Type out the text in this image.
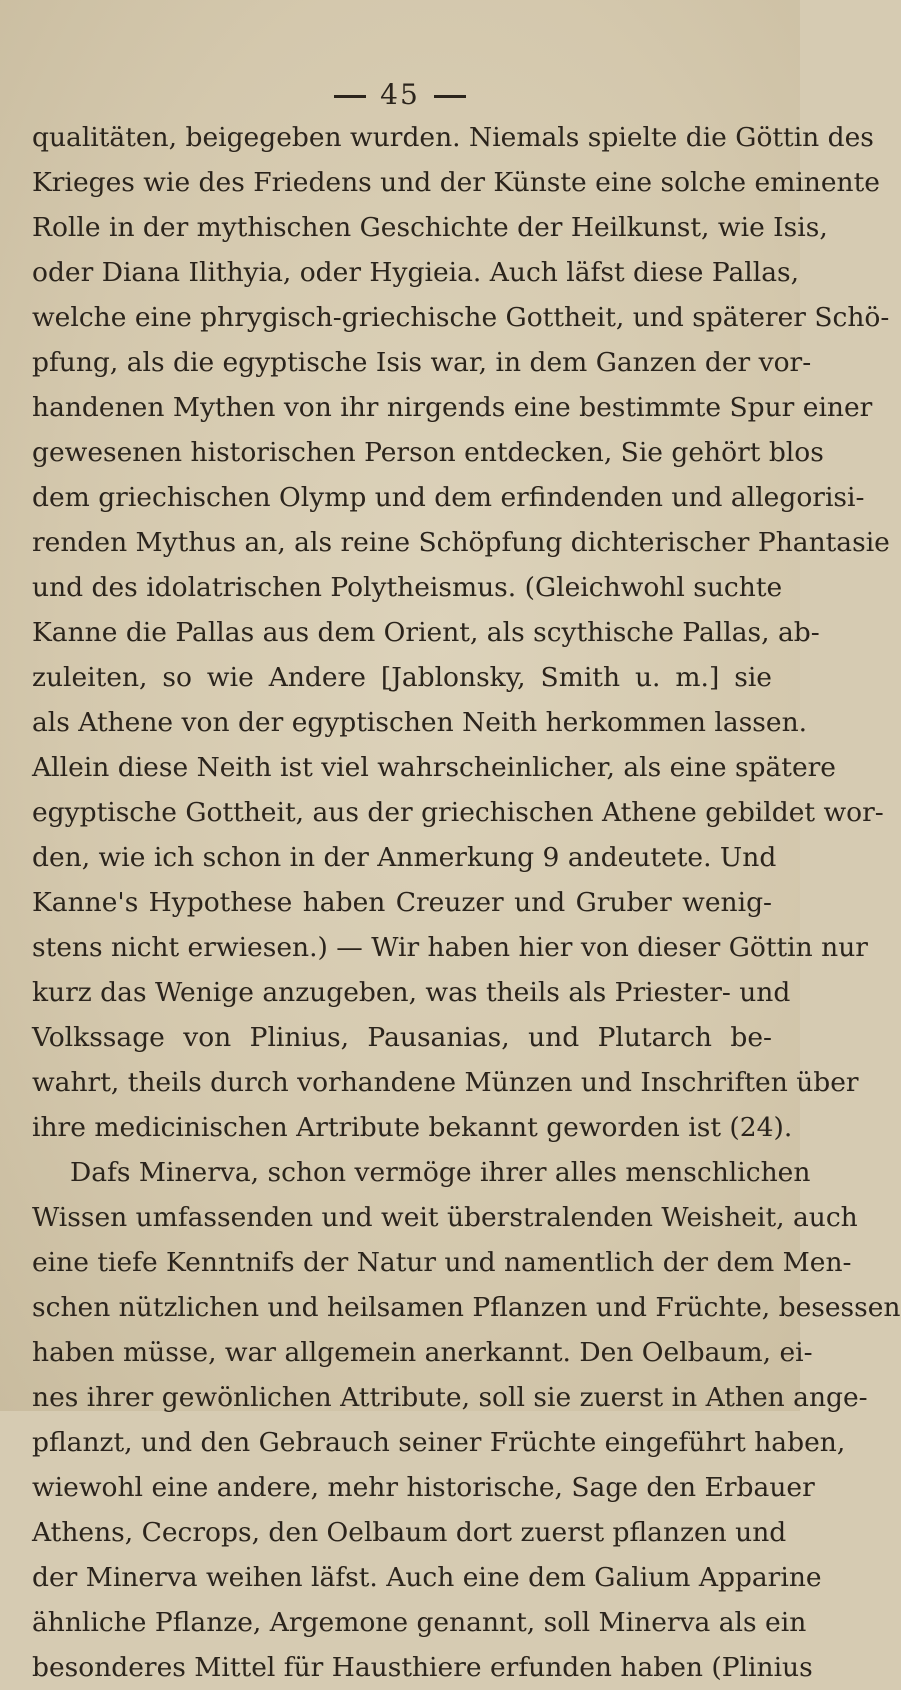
45
qualitäten, beigegeben wurden. Niemals spielte die Göttin des
Krieges wie des Friedens und der Künste eine solche eminente
Rolle in der mythischen Geschichte der Heilkunst, wie Isis,
oder Diana Ilithyia, oder Hygieia. Auch läfst diese Pallas,
welche eine phrygisch-griechische Gottheit, und späterer Schö-
pfung, als die egyptische Isis war, in dem Ganzen der vor-
handenen Mythen von ihr nirgends eine bestimmte Spur einer
gewesenen historischen Person entdecken, Sie gehört blos
dem griechischen Olymp und dem erfindenden und allegorisi-
renden Mythus an, als reine Schöpfung dichterischer Phantasie
und des idolatrischen Polytheismus. (Gleichwohl suchte
Kanne die Pallas aus dem Orient, als scythische Pallas, ab-
zuleiten, so wie Andere [Jablonsky, Smith u. m.] sie
als Athene von der egyptischen Neith herkommen lassen.
Allein diese Neith ist viel wahrscheinlicher, als eine spätere
egyptische Gottheit, aus der griechischen Athene gebildet wor-
den, wie ich schon in der Anmerkung 9 andeutete. Und
Kanne's Hypothese haben Creuzer und Gruber wenig-
stens nicht erwiesen.) — Wir haben hier von dieser Göttin nur
kurz das Wenige anzugeben, was theils als Priester- und
Volkssage von Plinius, Pausanias, und Plutarch be-
wahrt, theils durch vorhandene Münzen und Inschriften über
ihre medicinischen Artribute bekannt geworden ist (24).
Dafs Minerva, schon vermöge ihrer alles menschlichen
Wissen umfassenden und weit überstralenden Weisheit, auch
eine tiefe Kenntnifs der Natur und namentlich der dem Men-
schen nützlichen und heilsamen Pflanzen und Früchte, besessen
haben müsse, war allgemein anerkannt. Den Oelbaum, ei-
nes ihrer gewönlichen Attribute, soll sie zuerst in Athen ange-
pflanzt, und den Gebrauch seiner Früchte eingeführt haben,
wiewohl eine andere, mehr historische, Sage den Erbauer
Athens, Cecrops, den Oelbaum dort zuerst pflanzen und
der Minerva weihen läfst. Auch eine dem Galium Apparine
ähnliche Pflanze, Argemone genannt, soll Minerva als ein
besonderes Mittel für Hausthiere erfunden haben (Plinius
